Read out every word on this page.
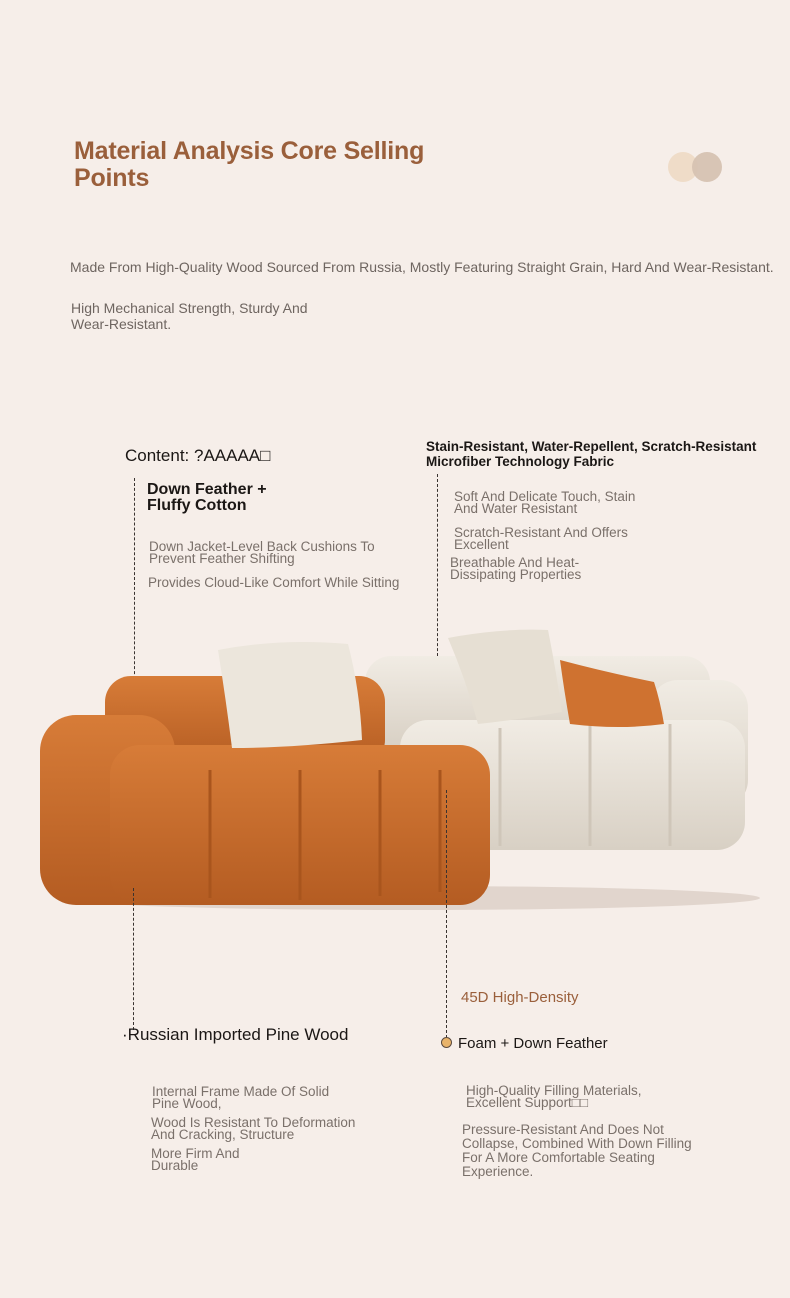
Material Analysis Core Selling Points
Made From High-Quality Wood Sourced From Russia, Mostly Featuring Straight Grain, Hard And Wear-Resistant.
High Mechanical Strength, Sturdy And Wear-Resistant.
Content: ?AAAAA□
Down Feather + Fluffy Cotton
Down Jacket-Level Back Cushions To Prevent Feather Shifting
Provides Cloud-Like Comfort While Sitting
Stain-Resistant, Water-Repellent, Scratch-Resistant Microfiber Technology Fabric
Soft And Delicate Touch, Stain And Water Resistant
Scratch-Resistant And Offers Excellent
Breathable And Heat-Dissipating Properties
·Russian Imported Pine Wood
Internal Frame Made Of Solid Pine Wood,
Wood Is Resistant To Deformation And Cracking, Structure
More Firm And Durable
45D High-Density
Foam + Down Feather
High-Quality Filling Materials, Excellent Support□□
Pressure-Resistant And Does Not Collapse, Combined With Down Filling For A More Comfortable Seating Experience.
